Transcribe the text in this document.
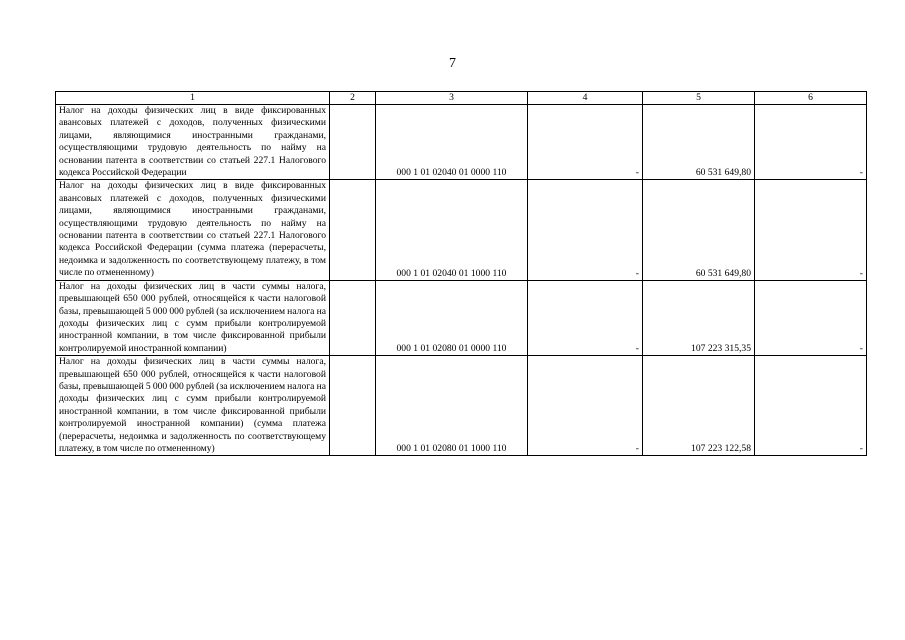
7
1	2	3	4	5	6
Налог на доходы физических лиц в виде фиксированных авансовых платежей с доходов, полученных физическими лицами, являющимися иностранными гражданами, осуществляющими трудовую деятельность по найму на основании патента в соответствии со статьей 227.1 Налогового кодекса Российской Федерации		000 1 01 02040 01 0000 110	-	60 531 649,80	-
Налог на доходы физических лиц в виде фиксированных авансовых платежей с доходов, полученных физическими лицами, являющимися иностранными гражданами, осуществляющими трудовую деятельность по найму на основании патента в соответствии со статьей 227.1 Налогового кодекса Российской Федерации (сумма платежа (перерасчеты, недоимка и задолженность по соответствующему платежу, в том числе по отмененному)		000 1 01 02040 01 1000 110	-	60 531 649,80	-
Налог на доходы физических лиц в части суммы налога, превышающей 650 000 рублей, относящейся к части налоговой базы, превышающей 5 000 000 рублей (за исключением налога на доходы физических лиц с сумм прибыли контролируемой иностранной компании, в том числе фиксированной прибыли контролируемой иностранной компании)		000 1 01 02080 01 0000 110	-	107 223 315,35	-
Налог на доходы физических лиц в части суммы налога, превышающей 650 000 рублей, относящейся к части налоговой базы, превышающей 5 000 000 рублей (за исключением налога на доходы физических лиц с сумм прибыли контролируемой иностранной компании, в том числе фиксированной прибыли контролируемой иностранной компании) (сумма платежа (перерасчеты, недоимка и задолженность по соответствующему платежу, в том числе по отмененному)		000 1 01 02080 01 1000 110	-	107 223 122,58	-
